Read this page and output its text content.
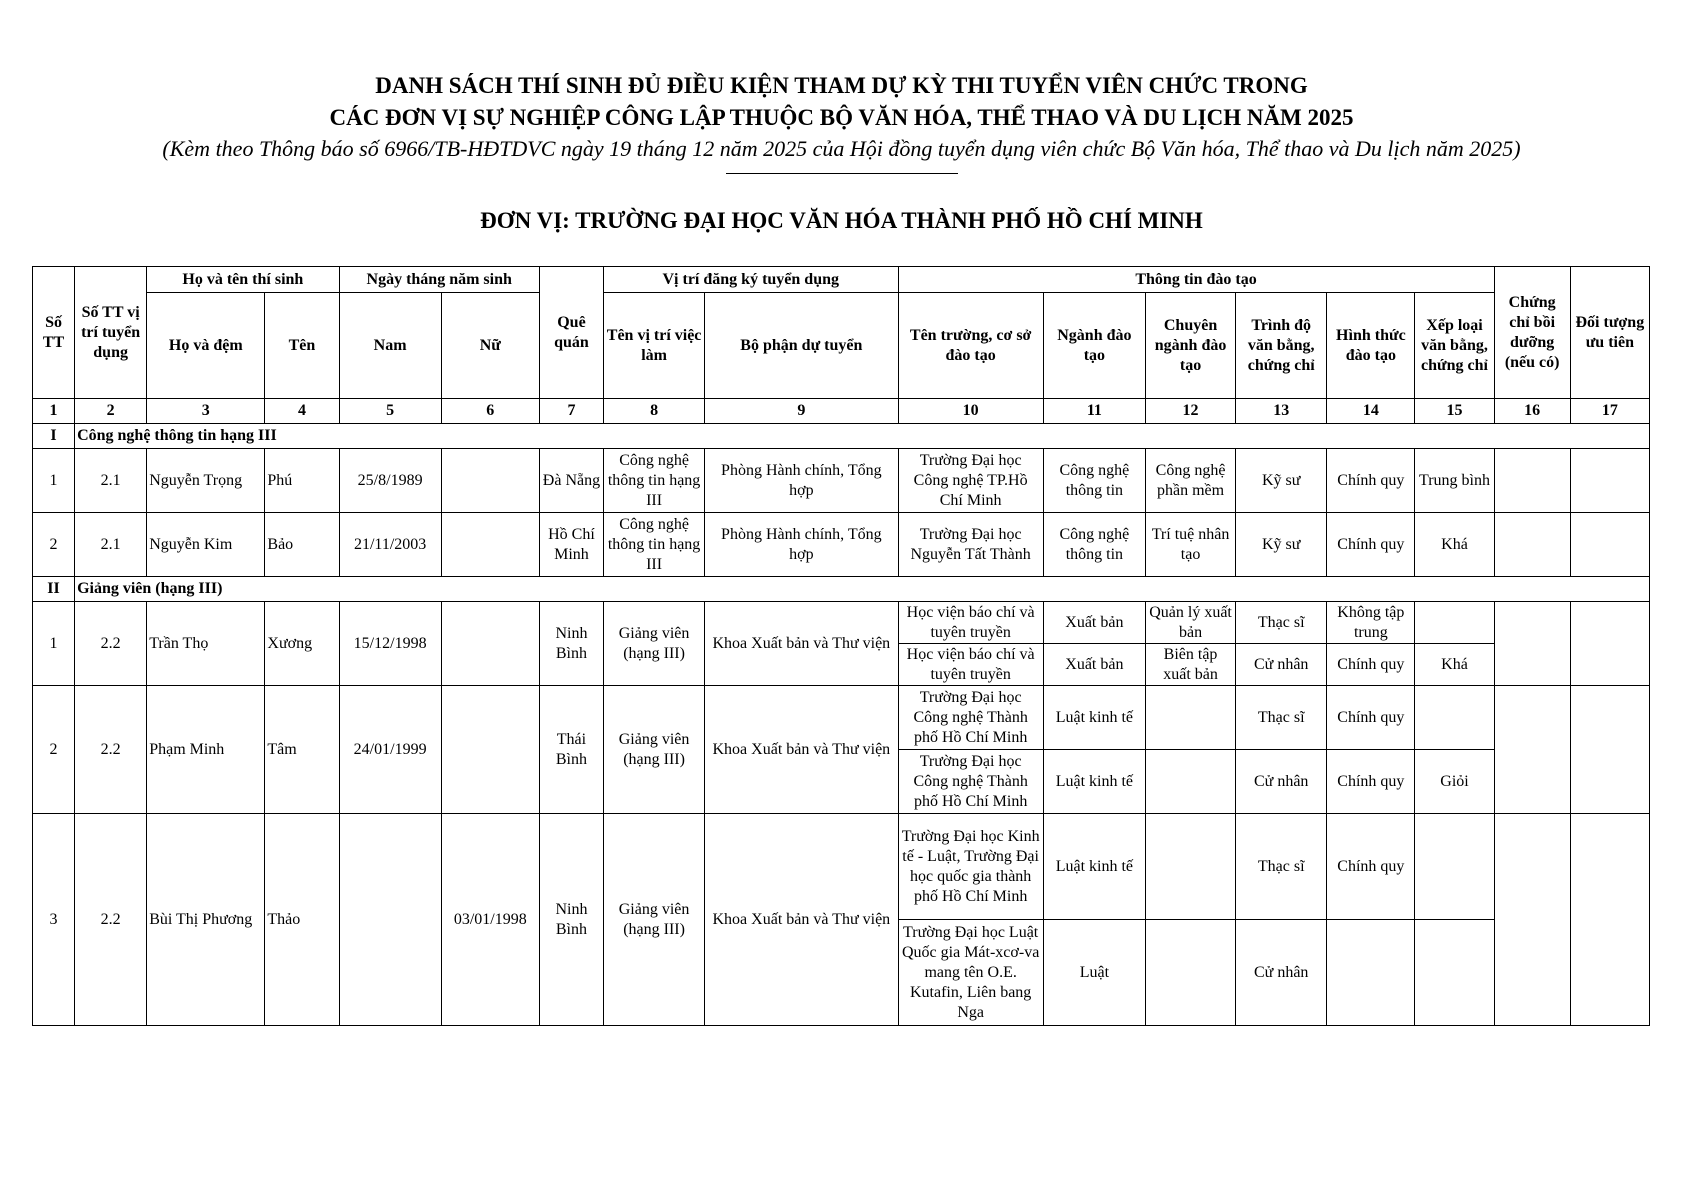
DANH SÁCH THÍ SINH ĐỦ ĐIỀU KIỆN THAM DỰ KỲ THI TUYỂN VIÊN CHỨC TRONG
CÁC ĐƠN VỊ SỰ NGHIỆP CÔNG LẬP THUỘC BỘ VĂN HÓA, THỂ THAO VÀ DU LỊCH NĂM 2025
(Kèm theo Thông báo số 6966/TB-HĐTDVC ngày 19 tháng 12 năm 2025 của Hội đồng tuyển dụng viên chức Bộ Văn hóa, Thể thao và Du lịch năm 2025)
ĐƠN VỊ: TRƯỜNG ĐẠI HỌC VĂN HÓA THÀNH PHỐ HỒ CHÍ MINH
Số TT	Số TT vị trí tuyển dụng	Họ và tên thí sinh		Ngày tháng năm sinh		Quê quán	Vị trí đăng ký tuyển dụng		Thông tin đào tạo						Chứng chỉ bồi dưỡng (nếu có)	Đối tượng ưu tiên
		Họ và đệm	Tên	Nam	Nữ		Tên vị trí việc làm	Bộ phận dự tuyển	Tên trường, cơ sở đào tạo	Ngành đào tạo	Chuyên ngành đào tạo	Trình độ văn bằng, chứng chỉ	Hình thức đào tạo	Xếp loại văn bằng, chứng chỉ		
1	2	3	4	5	6	7	8	9	10	11	12	13	14	15	16	17
I	Công nghệ thông tin hạng III															
1	2.1	Nguyễn Trọng	Phú	25/8/1989		Đà Nẵng	Công nghệ thông tin hạng III	Phòng Hành chính, Tổng hợp	Trường Đại học Công nghệ TP.Hồ Chí Minh	Công nghệ thông tin	Công nghệ phần mềm	Kỹ sư	Chính quy	Trung bình		
2	2.1	Nguyễn Kim	Bảo	21/11/2003		Hồ Chí Minh	Công nghệ thông tin hạng III	Phòng Hành chính, Tổng hợp	Trường Đại học Nguyễn Tất Thành	Công nghệ thông tin	Trí tuệ nhân tạo	Kỹ sư	Chính quy	Khá		
II	Giảng viên (hạng III)															
1	2.2	Trần Thọ	Xương	15/12/1998		Ninh Bình	Giảng viên (hạng III)	Khoa Xuất bản và Thư viện	Học viện báo chí và tuyên truyền	Xuất bản	Quản lý xuất bản	Thạc sĩ	Không tập trung			
									Học viện báo chí và tuyên truyền	Xuất bản	Biên tập xuất bản	Cử nhân	Chính quy	Khá		
2	2.2	Phạm Minh	Tâm	24/01/1999		Thái Bình	Giảng viên (hạng III)	Khoa Xuất bản và Thư viện	Trường Đại học Công nghệ Thành phố Hồ Chí Minh	Luật kinh tế		Thạc sĩ	Chính quy			
									Trường Đại học Công nghệ Thành phố Hồ Chí Minh	Luật kinh tế		Cử nhân	Chính quy	Giỏi		
3	2.2	Bùi Thị Phương	Thảo		03/01/1998	Ninh Bình	Giảng viên (hạng III)	Khoa Xuất bản và Thư viện	Trường Đại học Kinh tế - Luật, Trường Đại học quốc gia thành phố Hồ Chí Minh	Luật kinh tế		Thạc sĩ	Chính quy			
									Trường Đại học Luật Quốc gia Mát-xcơ-va mang tên O.E. Kutafin, Liên bang Nga	Luật		Cử nhân				
